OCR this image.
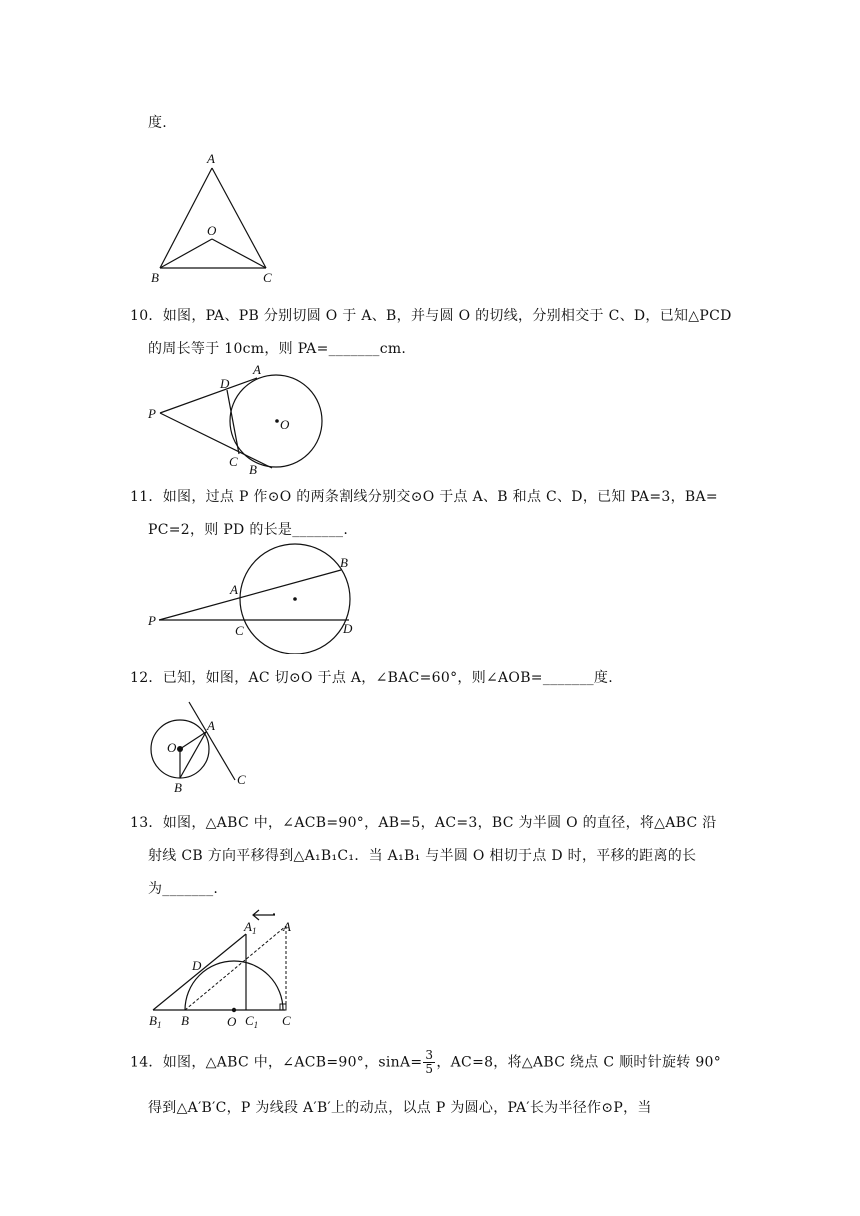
度.
A
O
B	C
10．如图，PA、PB 分别切圆 O 于 A、B，并与圆 O 的切线，分别相交于 C、D，已知△PCD
的周长等于 10cm，则 PA=_______cm.
D
A
P
O
C
B
11．如图，过点 P 作⊙O 的两条割线分别交⊙O 于点 A、B 和点 C、D，已知 PA=3，BA=
PC=2，则 PD 的长是_______.
B
A
P
C	D
12．已知，如图，AC 切⊙O 于点 A，∠BAC=60°，则∠AOB=_______度.
A
O
B
C
13．如图，△ABC 中，∠ACB=90°，AB=5，AC=3，BC 为半圆 O 的直径，将△ABC 沿
射线 CB 方向平移得到△A₁B₁C₁．当 A₁B₁ 与半圆 O 相切于点 D 时，平移的距离的长
为_______.
$A_1$ A
D
$B_1$ B	O $C_1$ C
14．如图，△ABC 中，∠ACB=90°，$\sin A= \frac{3}{5}$ ，AC=8，将△ABC 绕点 C 顺时针旋转 90°
得到△A′B′C，P 为线段 A′B′上的动点，以点 P 为圆心，PA′长为半径作⊙P，当
